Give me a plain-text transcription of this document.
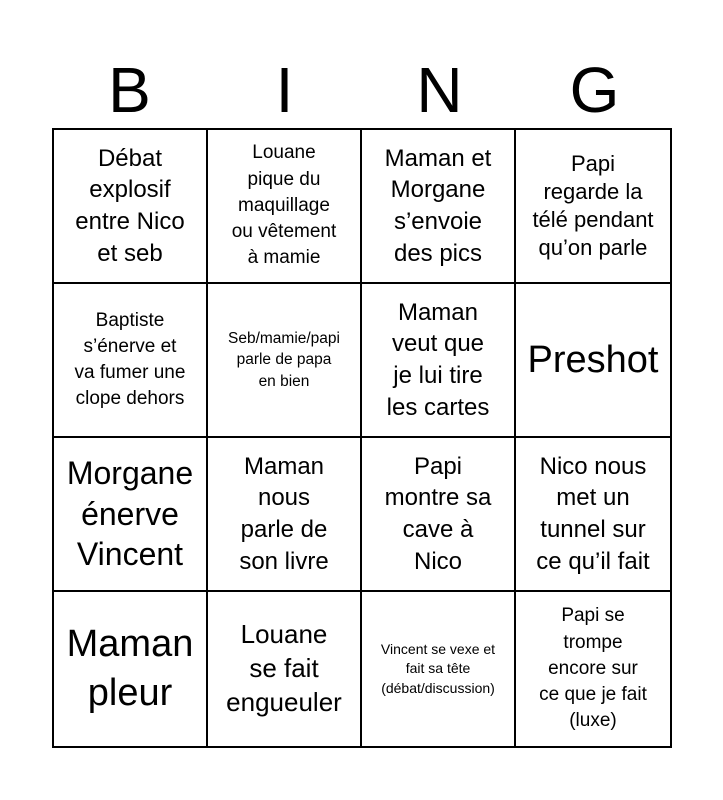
B	I	N	G
Débat
explosif
entre Nico
et seb
Louane
pique du
maquillage
ou vêtement
à mamie
Maman et
Morgane
s’envoie
des pics
Papi
regarde la
télé pendant
qu’on parle
Baptiste
s’énerve et
va fumer une
clope dehors
Seb/mamie/papi
parle de papa
en bien
Maman
veut que
je lui tire
les cartes
Preshot
Morgane
énerve
Vincent
Maman
nous
parle de
son livre
Papi
montre sa
cave à
Nico
Nico nous
met un
tunnel sur
ce qu’il fait
Maman
pleur
Louane
se fait
engueuler
Vincent se vexe et
fait sa tête
(débat/discussion)
Papi se
trompe
encore sur
ce que je fait
(luxe)
